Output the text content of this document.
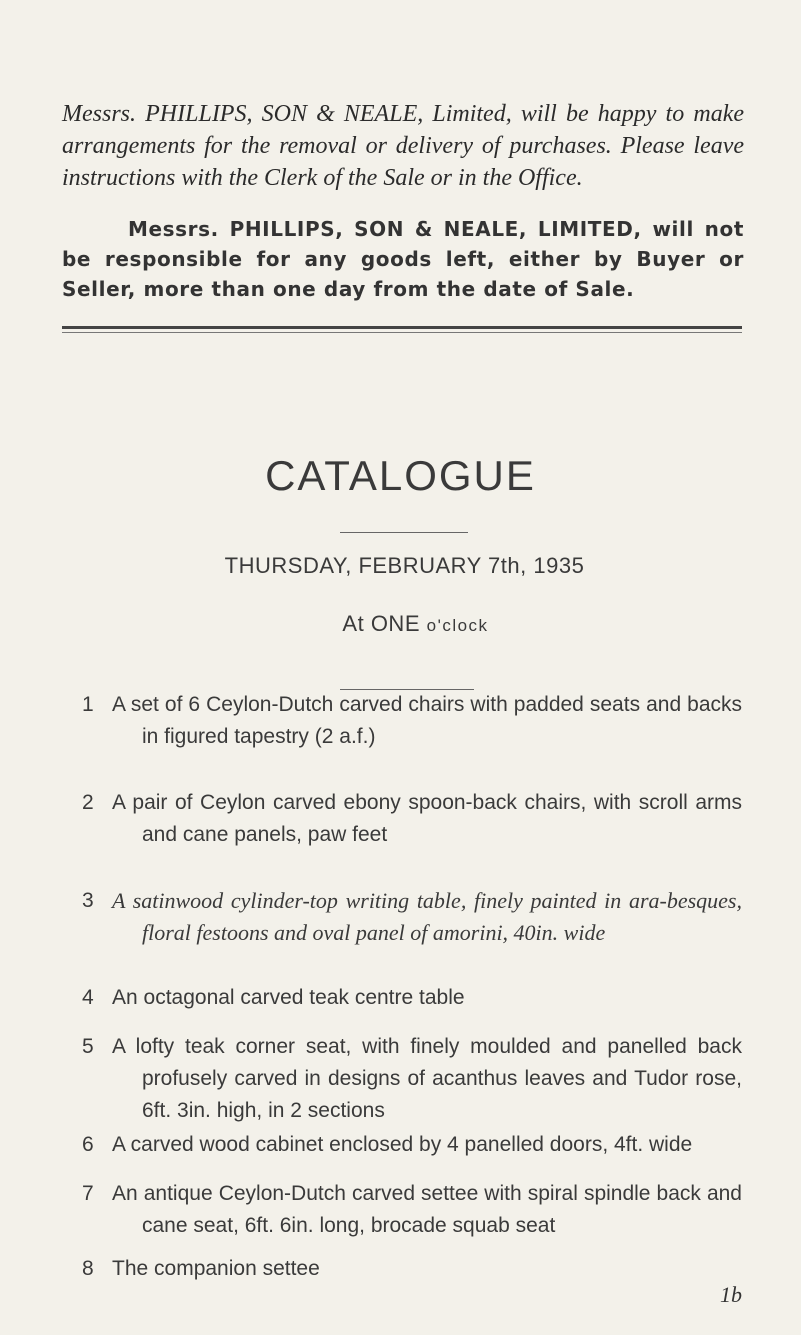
Messrs. PHILLIPS, SON & NEALE, Limited, will be happy to make arrangements for the removal or delivery of purchases. Please leave instructions with the Clerk of the Sale or in the Office.
Messrs. PHILLIPS, SON & NEALE, LIMITED, will not be responsible for any goods left, either by Buyer or Seller, more than one day from the date of Sale.
CATALOGUE
THURSDAY, FEBRUARY 7th, 1935
At ONE o'clock
1 A set of 6 Ceylon-Dutch carved chairs with padded seats and backs in figured tapestry (2 a.f.)
2 A pair of Ceylon carved ebony spoon-back chairs, with scroll arms and cane panels, paw feet
3 A satinwood cylinder-top writing table, finely painted in ara-besques, floral festoons and oval panel of amorini, 40in. wide
4 An octagonal carved teak centre table
5 A lofty teak corner seat, with finely moulded and panelled back profusely carved in designs of acanthus leaves and Tudor rose, 6ft. 3in. high, in 2 sections
6 A carved wood cabinet enclosed by 4 panelled doors, 4ft. wide
7 An antique Ceylon-Dutch carved settee with spiral spindle back and cane seat, 6ft. 6in. long, brocade squab seat
8 The companion settee
1b
